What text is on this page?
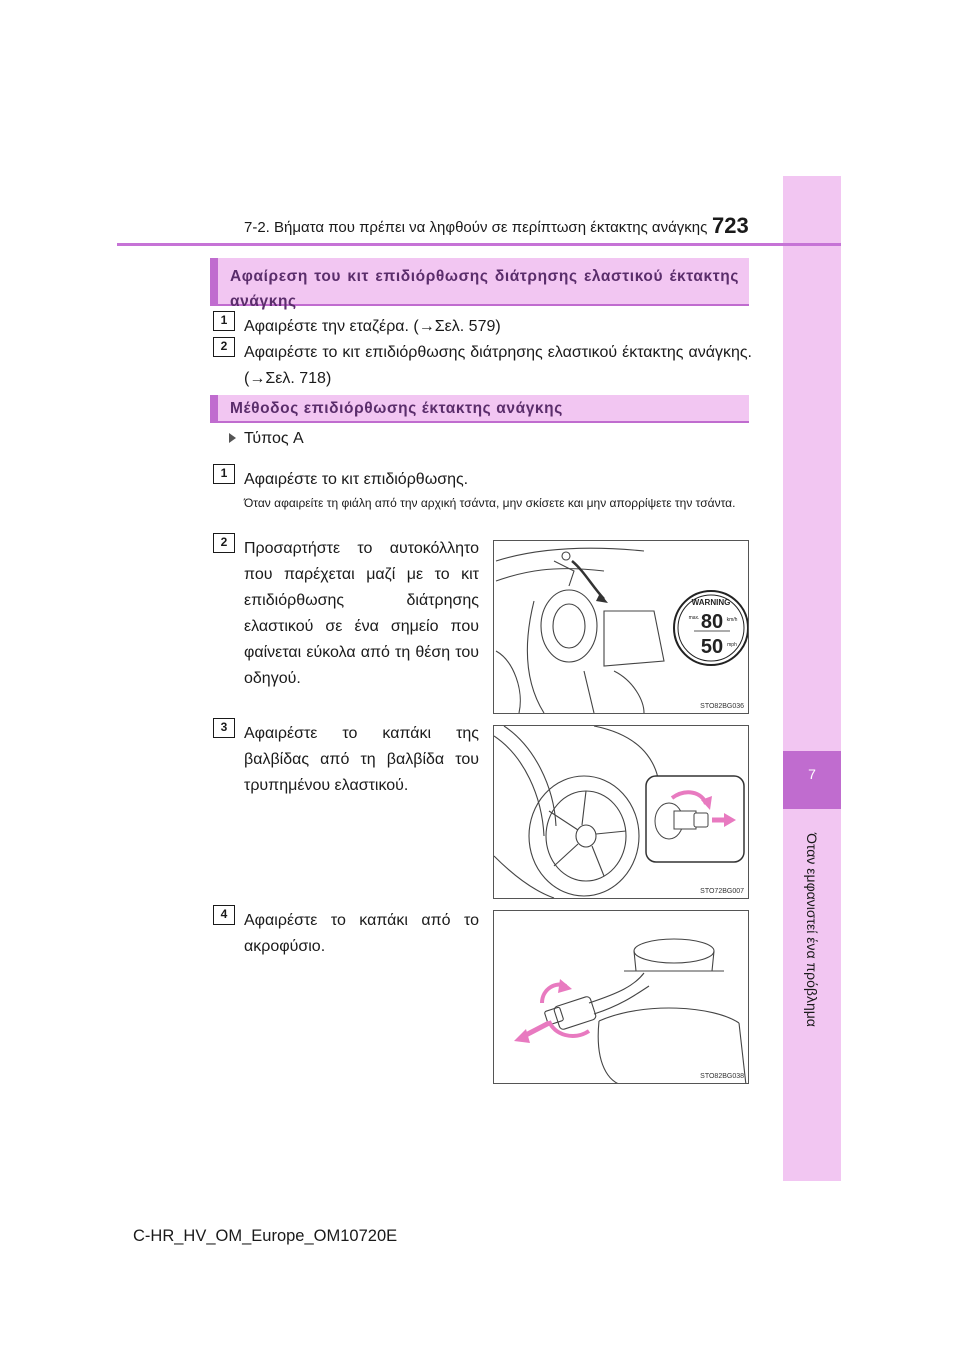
7
Όταν εμφανιστεί ένα πρόβλημα
7-2. Βήματα που πρέπει να ληφθούν σε περίπτωση έκτακτης ανάγκης 723
Αφαίρεση του κιτ επιδιόρθωσης διάτρησης ελαστικού έκτακτης ανάγκης
1	Αφαιρέστε την εταζέρα. (→Σελ. 579)
2	Αφαιρέστε το κιτ επιδιόρθωσης διάτρησης ελαστικού έκτακτης ανάγκης. (→Σελ. 718)
Μέθοδος επιδιόρθωσης έκτακτης ανάγκης
Τύπος A
1	Αφαιρέστε το κιτ επιδιόρθωσης.
Όταν αφαιρείτε τη φιάλη από την αρχική τσάντα, μην σκίσετε και μην απορρίψετε την τσάντα.
2	Προσαρτήστε το αυτοκόλλητο που παρέχεται μαζί με το κιτ επιδιόρθωσης διάτρησης ελαστικού σε ένα σημείο που φαίνεται εύκολα από τη θέση του οδηγού.
WARNING
max. 80 km/h
50 mph
STO82BG036
3	Αφαιρέστε το καπάκι της βαλβίδας από τη βαλβίδα του τρυπημένου ελαστικού.
STO72BG007
4	Αφαιρέστε το καπάκι από το ακροφύσιο.
STO82BG038
C-HR_HV_OM_Europe_OM10720E
